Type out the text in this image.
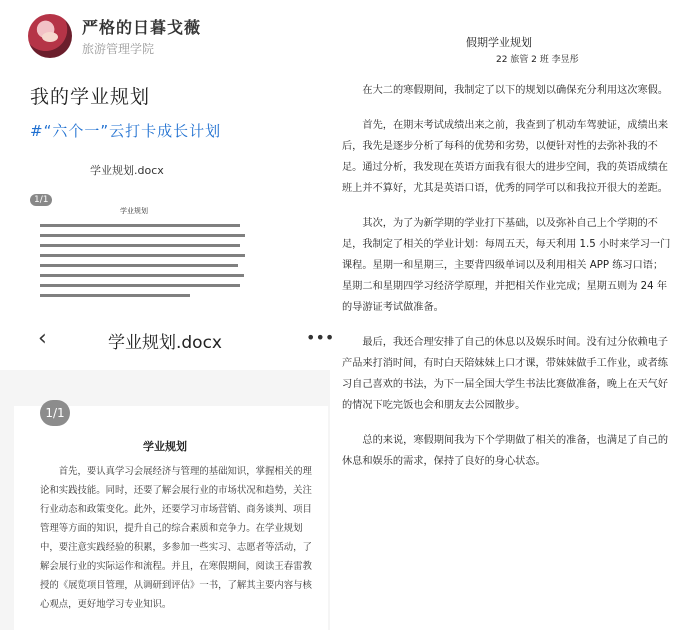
严格的日暮戈薇
旅游管理学院
我的学业规划
#“六个一”云打卡成长计划
学业规划.docx
1/1
学业规划
‹	学业规划.docx	•••
1/1
学业规划
首先，要认真学习会展经济与管理的基础知识，掌握相关的理论和实践技能。同时，还要了解会展行业的市场状况和趋势，关注行业动态和政策变化。此外，还要学习市场营销、商务谈判、项目管理等方面的知识，提升自己的综合素质和竞争力。在学业规划中，要注意实践经验的积累，多参加一些实习、志愿者等活动，了解会展行业的实际运作和流程。并且，在寒假期间，阅读王春雷教授的《展览项目管理，从调研到评估》一书，了解其主要内容与核心观点，更好地学习专业知识。
假期学业规划
22 旅管 2 班 李昱彤

在大二的寒假期间，我制定了以下的规划以确保充分利用这次寒假。

首先，在期末考试成绩出来之前，我查到了机动车驾驶证，成绩出来后，我先是逐步分析了每科的优势和劣势，以便针对性的去弥补我的不足。通过分析，我发现在英语方面我有很大的进步空间，我的英语成绩在班上并不算好，尤其是英语口语，优秀的同学可以和我拉开很大的差距。

其次，为了为新学期的学业打下基础，以及弥补自己上个学期的不足，我制定了相关的学业计划：每周五天，每天利用 1.5 小时来学习一门课程。星期一和星期三，主要背四级单词以及利用相关 APP 练习口语；星期二和星期四学习经济学原理，并把相关作业完成；星期五则为 24 年的导游证考试做准备。

最后，我还合理安排了自己的休息以及娱乐时间。没有过分依赖电子产品来打消时间，有时白天陪妹妹上口才课，带妹妹做手工作业，或者练习自己喜欢的书法，为下一届全国大学生书法比赛做准备，晚上在天气好的情况下吃完饭也会和朋友去公园散步。

总的来说，寒假期间我为下个学期做了相关的准备，也满足了自己的休息和娱乐的需求，保持了良好的身心状态。
